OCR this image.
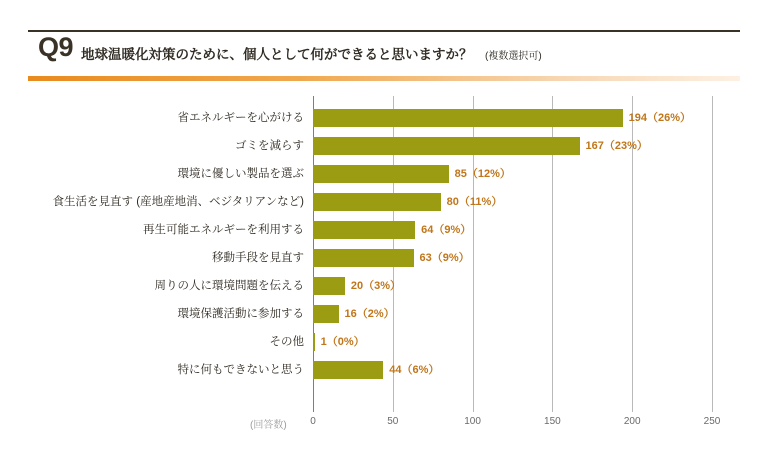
Q9 地球温暖化対策のために、個人として何ができると思いますか？ (複数選択可)
0	50	100	150	200	250
省エネルギーを心がける	194（26%）
ゴミを減らす	167（23%）
環境に優しい製品を選ぶ	85（12%）
食生活を見直す (産地産地消、ベジタリアンなど)	80（11%）
再生可能エネルギーを利用する	64（9%）
移動手段を見直す	63（9%）
周りの人に環境問題を伝える	20（3%）
環境保護活動に参加する	16（2%）
その他 1（0%）
特に何もできないと思う	44（6%）
(回答数)
